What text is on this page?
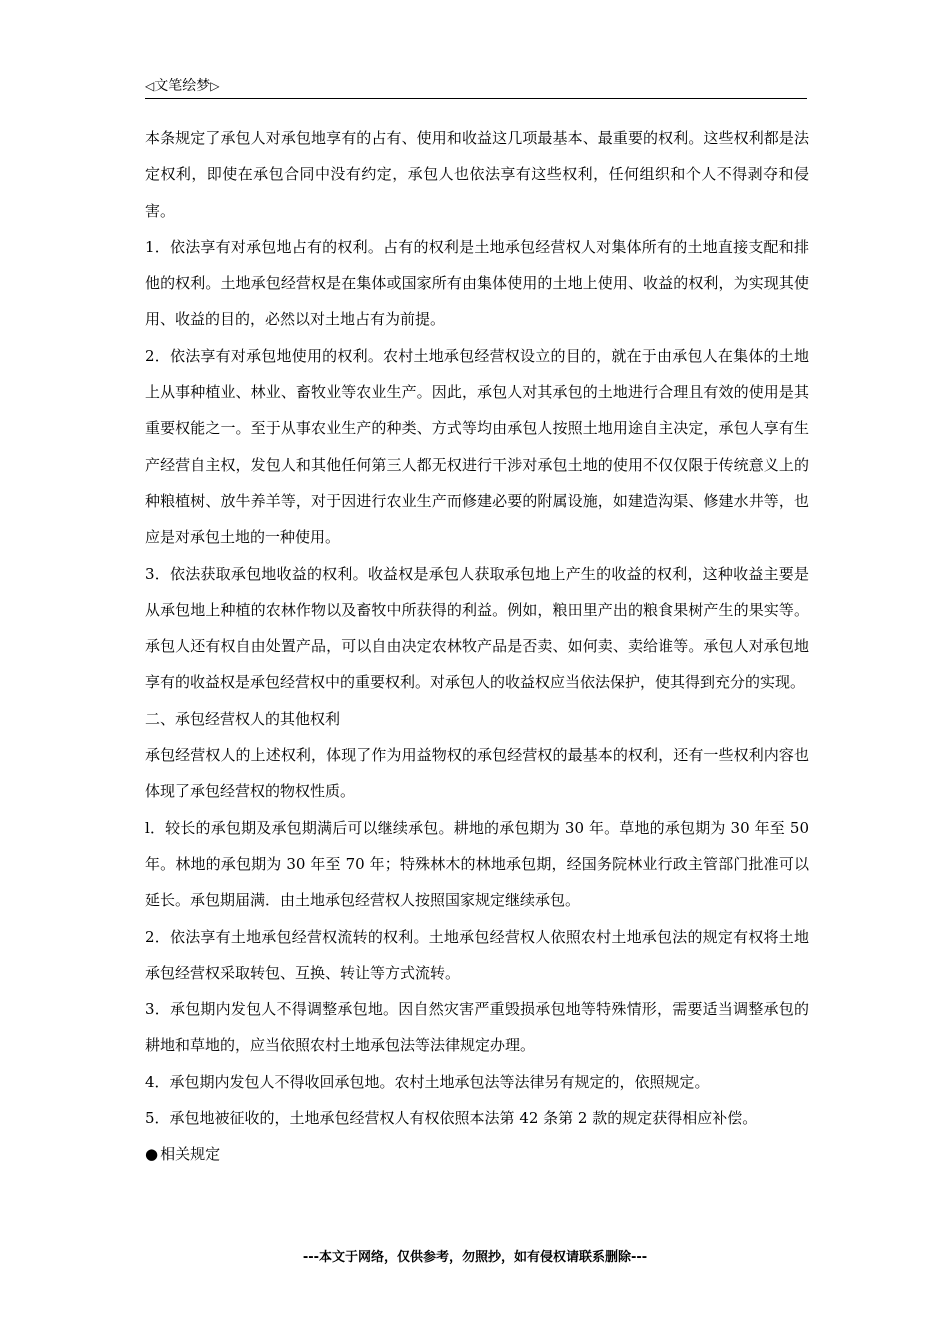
◁文笔绘梦▷

本条规定了承包人对承包地享有的占有、使用和收益这几项最基本、最重要的权利。这些权利都是法定权利，即使在承包合同中没有约定，承包人也依法享有这些权利，任何组织和个人不得剥夺和侵害。

1．依法享有对承包地占有的权利。占有的权利是土地承包经营权人对集体所有的土地直接支配和排他的权利。土地承包经营权是在集体或国家所有由集体使用的土地上使用、收益的权利，为实现其使用、收益的目的，必然以对土地占有为前提。

2．依法享有对承包地使用的权利。农村土地承包经营权设立的目的，就在于由承包人在集体的土地上从事种植业、林业、畜牧业等农业生产。因此，承包人对其承包的土地进行合理且有效的使用是其重要权能之一。至于从事农业生产的种类、方式等均由承包人按照土地用途自主决定，承包人享有生产经营自主权，发包人和其他任何第三人都无权进行干涉对承包土地的使用不仅仅限于传统意义上的种粮植树、放牛养羊等，对于因进行农业生产而修建必要的附属设施，如建造沟渠、修建水井等，也应是对承包土地的一种使用。

3．依法获取承包地收益的权利。收益权是承包人获取承包地上产生的收益的权利，这种收益主要是从承包地上种植的农林作物以及畜牧中所获得的利益。例如，粮田里产出的粮食果树产生的果实等。承包人还有权自由处置产品，可以自由决定农林牧产品是否卖、如何卖、卖给谁等。承包人对承包地享有的收益权是承包经营权中的重要权利。对承包人的收益权应当依法保护，使其得到充分的实现。

二、承包经营权人的其他权利

承包经营权人的上述权利，体现了作为用益物权的承包经营权的最基本的权利，还有一些权利内容也体现了承包经营权的物权性质。

l．较长的承包期及承包期满后可以继续承包。耕地的承包期为 30 年。草地的承包期为 30 年至 50 年。林地的承包期为 30 年至 70 年；特殊林木的林地承包期，经国务院林业行政主管部门批准可以延长。承包期届满．由土地承包经营权人按照国家规定继续承包。

2．依法享有土地承包经营权流转的权利。土地承包经营权人依照农村土地承包法的规定有权将土地承包经营权采取转包、互换、转让等方式流转。

3．承包期内发包人不得调整承包地。因自然灾害严重毁损承包地等特殊情形，需要适当调整承包的耕地和草地的，应当依照农村土地承包法等法律规定办理。

4．承包期内发包人不得收回承包地。农村土地承包法等法律另有规定的，依照规定。

5．承包地被征收的，土地承包经营权人有权依照本法第 42 条第 2 款的规定获得相应补偿。

● 相关规定

---本文于网络，仅供参考，勿照抄，如有侵权请联系删除---
